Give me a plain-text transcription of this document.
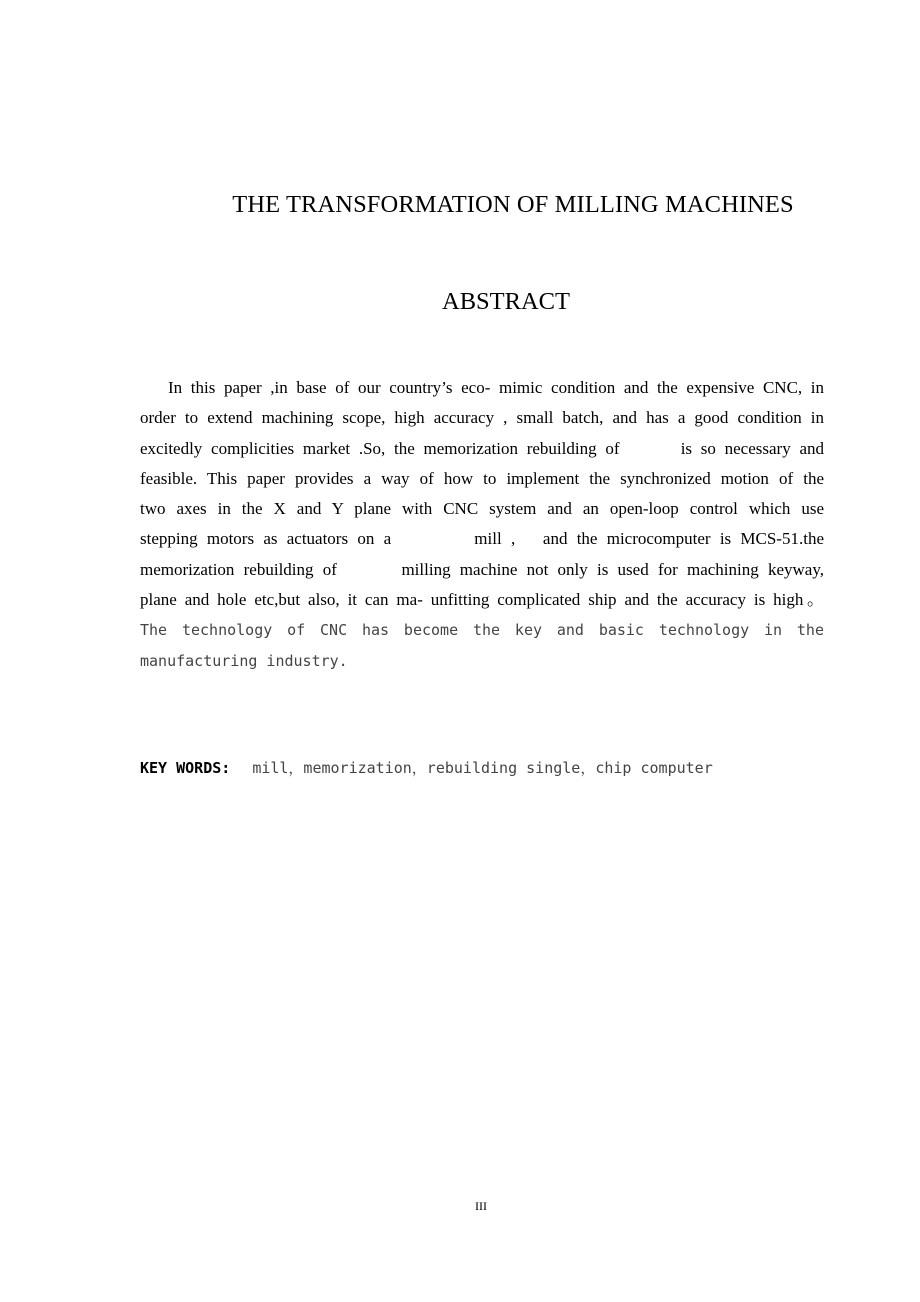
THE TRANSFORMATION OF MILLING MACHINES
ABSTRACT
In this paper ,in base of our country’s eco- mimic condition and the expensive CNC, in
order to extend machining scope, high accuracy , small batch, and has a good condition in
excitedly complicities market .So, the memorization rebuilding of       is so necessary and
feasible. This paper provides a way of how to implement the synchronized motion of the
two axes in the X and Y plane with CNC system and an open-loop control which use
stepping motors as actuators on a         mill ,   and the microcomputer is MCS-51.the
memorization rebuilding of       milling machine not only is used for machining keyway,
plane and hole etc,but also, it can ma- unfitting complicated ship and the accuracy is high。
The technology of CNC has become the key and basic technology in the
manufacturing industry.
KEY WORDS: mill，memorization，rebuilding single，chip computer
III
